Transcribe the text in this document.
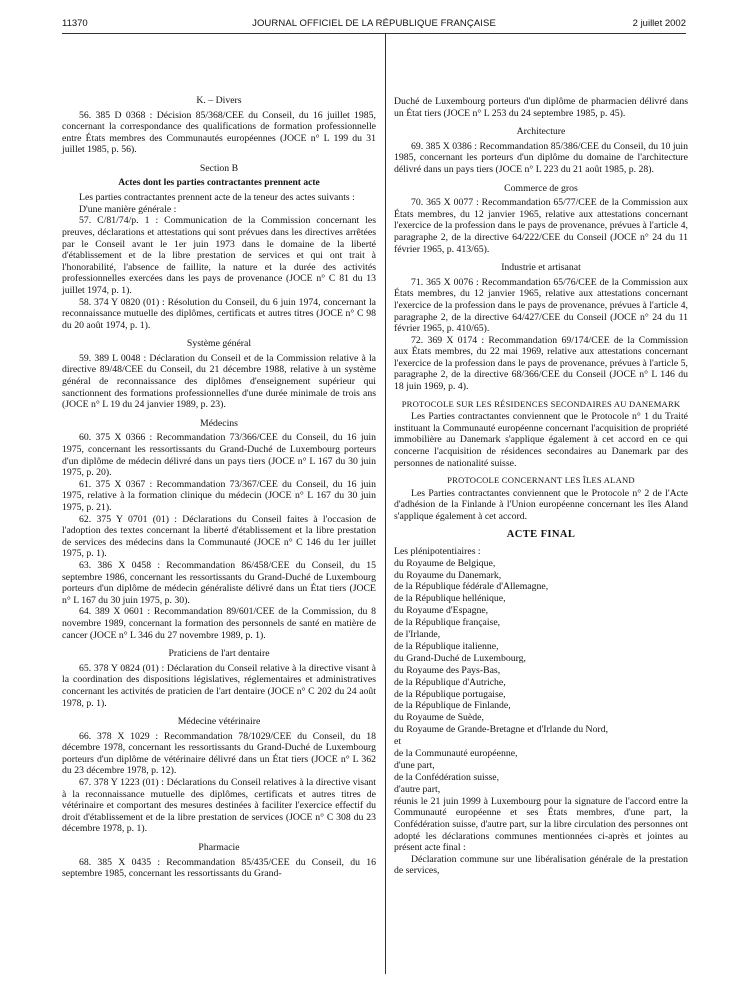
11370	JOURNAL OFFICIEL DE LA RÉPUBLIQUE FRANÇAISE	2 juillet 2002

K. – Divers

56. 385 D 0368 : Décision 85/368/CEE du Conseil, du 16 juillet 1985, concernant la correspondance des qualifications de formation professionnelle entre États membres des Communautés européennes (JOCE n° L 199 du 31 juillet 1985, p. 56).

Section B

Actes dont les parties contractantes prennent acte

Les parties contractantes prennent acte de la teneur des actes suivants :

D'une manière générale :

57. C/81/74/p. 1 : Communication de la Commission concernant les preuves, déclarations et attestations qui sont prévues dans les directives arrêtées par le Conseil avant le 1er juin 1973 dans le domaine de la liberté d'établissement et de la libre prestation de services et qui ont trait à l'honorabilité, l'absence de faillite, la nature et la durée des activités professionnelles exercées dans les pays de provenance (JOCE n° C 81 du 13 juillet 1974, p. 1).

58. 374 Y 0820 (01) : Résolution du Conseil, du 6 juin 1974, concernant la reconnaissance mutuelle des diplômes, certificats et autres titres (JOCE n° C 98 du 20 août 1974, p. 1).

Système général

59. 389 L 0048 : Déclaration du Conseil et de la Commission relative à la directive 89/48/CEE du Conseil, du 21 décembre 1988, relative à un système général de reconnaissance des diplômes d'enseignement supérieur qui sanctionnent des formations professionnelles d'une durée minimale de trois ans (JOCE n° L 19 du 24 janvier 1989, p. 23).

Médecins

60. 375 X 0366 : Recommandation 73/366/CEE du Conseil, du 16 juin 1975, concernant les ressortissants du Grand-Duché de Luxembourg porteurs d'un diplôme de médecin délivré dans un pays tiers (JOCE n° L 167 du 30 juin 1975, p. 20).

61. 375 X 0367 : Recommandation 73/367/CEE du Conseil, du 16 juin 1975, relative à la formation clinique du médecin (JOCE n° L 167 du 30 juin 1975, p. 21).

62. 375 Y 0701 (01) : Déclarations du Conseil faites à l'occasion de l'adoption des textes concernant la liberté d'établissement et la libre prestation de services des médecins dans la Communauté (JOCE n° C 146 du 1er juillet 1975, p. 1).

63. 386 X 0458 : Recommandation 86/458/CEE du Conseil, du 15 septembre 1986, concernant les ressortissants du Grand-Duché de Luxembourg porteurs d'un diplôme de médecin généraliste délivré dans un État tiers (JOCE n° L 167 du 30 juin 1975, p. 30).

64. 389 X 0601 : Recommandation 89/601/CEE de la Commission, du 8 novembre 1989, concernant la formation des personnels de santé en matière de cancer (JOCE n° L 346 du 27 novembre 1989, p. 1).

Praticiens de l'art dentaire

65. 378 Y 0824 (01) : Déclaration du Conseil relative à la directive visant à la coordination des dispositions législatives, réglementaires et administratives concernant les activités de praticien de l'art dentaire (JOCE n° C 202 du 24 août 1978, p. 1).

Médecine vétérinaire

66. 378 X 1029 : Recommandation 78/1029/CEE du Conseil, du 18 décembre 1978, concernant les ressortissants du Grand-Duché de Luxembourg porteurs d'un diplôme de vétérinaire délivré dans un État tiers (JOCE n° L 362 du 23 décembre 1978, p. 12).

67. 378 Y 1223 (01) : Déclarations du Conseil relatives à la directive visant à la reconnaissance mutuelle des diplômes, certificats et autres titres de vétérinaire et comportant des mesures destinées à faciliter l'exercice effectif du droit d'établissement et de la libre prestation de services (JOCE n° C 308 du 23 décembre 1978, p. 1).

Pharmacie

68. 385 X 0435 : Recommandation 85/435/CEE du Conseil, du 16 septembre 1985, concernant les ressortissants du Grand-

Duché de Luxembourg porteurs d'un diplôme de pharmacien délivré dans un État tiers (JOCE n° L 253 du 24 septembre 1985, p. 45).

Architecture

69. 385 X 0386 : Recommandation 85/386/CEE du Conseil, du 10 juin 1985, concernant les porteurs d'un diplôme du domaine de l'architecture délivré dans un pays tiers (JOCE n° L 223 du 21 août 1985, p. 28).

Commerce de gros

70. 365 X 0077 : Recommandation 65/77/CEE de la Commission aux États membres, du 12 janvier 1965, relative aux attestations concernant l'exercice de la profession dans le pays de provenance, prévues à l'article 4, paragraphe 2, de la directive 64/222/CEE du Conseil (JOCE n° 24 du 11 février 1965, p. 413/65).

Industrie et artisanat

71. 365 X 0076 : Recommandation 65/76/CEE de la Commission aux États membres, du 12 janvier 1965, relative aux attestations concernant l'exercice de la profession dans le pays de provenance, prévues à l'article 4, paragraphe 2, de la directive 64/427/CEE du Conseil (JOCE n° 24 du 11 février 1965, p. 410/65).

72. 369 X 0174 : Recommandation 69/174/CEE de la Commission aux États membres, du 22 mai 1969, relative aux attestations concernant l'exercice de la profession dans le pays de provenance, prévues à l'article 5, paragraphe 2, de la directive 68/366/CEE du Conseil (JOCE n° L 146 du 18 juin 1969, p. 4).

PROTOCOLE SUR LES RÉSIDENCES SECONDAIRES AU DANEMARK

Les Parties contractantes conviennent que le Protocole n° 1 du Traité instituant la Communauté européenne concernant l'acquisition de propriété immobilière au Danemark s'applique également à cet accord en ce qui concerne l'acquisition de résidences secondaires au Danemark par des personnes de nationalité suisse.

PROTOCOLE CONCERNANT LES ÎLES ALAND

Les Parties contractantes conviennent que le Protocole n° 2 de l'Acte d'adhésion de la Finlande à l'Union européenne concernant les îles Aland s'applique également à cet accord.

ACTE FINAL

Les plénipotentiaires :

du Royaume de Belgique,

du Royaume du Danemark,

de la République fédérale d'Allemagne,

de la République hellénique,

du Royaume d'Espagne,

de la République française,

de l'Irlande,

de la République italienne,

du Grand-Duché de Luxembourg,

du Royaume des Pays-Bas,

de la République d'Autriche,

de la République portugaise,

de la République de Finlande,

du Royaume de Suède,

du Royaume de Grande-Bretagne et d'Irlande du Nord,

et

de la Communauté européenne,

d'une part,

de la Confédération suisse,

d'autre part,

réunis le 21 juin 1999 à Luxembourg pour la signature de l'accord entre la Communauté européenne et ses États membres, d'une part, la Confédération suisse, d'autre part, sur la libre circulation des personnes ont adopté les déclarations communes mentionnées ci-après et jointes au présent acte final :

Déclaration commune sur une libéralisation générale de la prestation de services,
